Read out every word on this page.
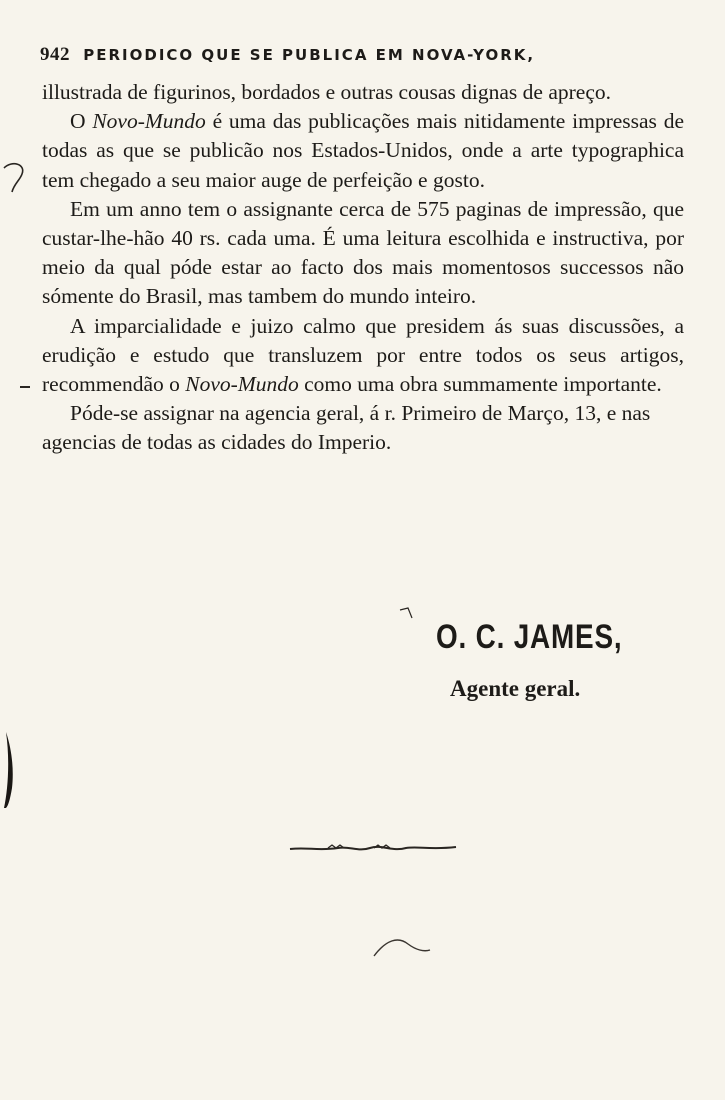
942 PERIODICO QUE SE PUBLICA EM NOVA-YORK,

illustrada de figurinos, bordados e outras cousas dignas de apreço.

O Novo-Mundo é uma das publicações mais nitidamente impressas de todas as que se publicão nos Estados-Unidos, onde a arte typographica tem chegado a seu maior auge de perfeição e gosto.

Em um anno tem o assignante cerca de 575 paginas de impressão, que custar-lhe-hão 40 rs. cada uma. É uma leitura escolhida e instructiva, por meio da qual póde estar ao facto dos mais momentosos successos não sómente do Brasil, mas tambem do mundo inteiro.

A imparcialidade e juizo calmo que presidem ás suas discussões, a erudição e estudo que transluzem por entre todos os seus artigos, recommendão o Novo-Mundo como uma obra summamente importante.

Póde-se assignar na agencia geral, á r. Primeiro de Março, 13, e nas agencias de todas as cidades do Imperio.

O. C. JAMES,
Agente geral.
